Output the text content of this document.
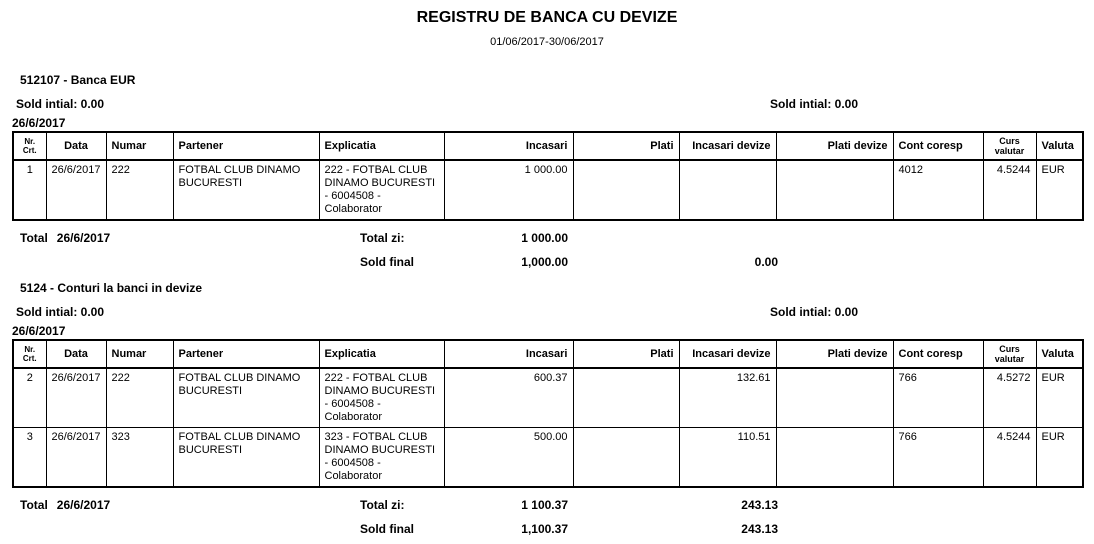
REGISTRU DE BANCA CU DEVIZE
01/06/2017-30/06/2017
512107 - Banca EUR
Sold intial: 0.00	Sold intial: 0.00
26/6/2017
Nr. Crt.	Data	Numar	Partener	Explicatia	Incasari	Plati	Incasari devize	Plati devize	Cont coresp	Curs valutar	Valuta
1	26/6/2017	222	FOTBAL CLUB DINAMO BUCURESTI	222 - FOTBAL CLUB DINAMO BUCURESTI - 6004508 - Colaborator	1 000.00				4012	4.5244	EUR
Total 26/6/2017	Total zi:	1 000.00
Sold final	1,000.00	0.00
5124 - Conturi la banci in devize
Sold intial: 0.00	Sold intial: 0.00
26/6/2017
Nr. Crt.	Data	Numar	Partener	Explicatia	Incasari	Plati	Incasari devize	Plati devize	Cont coresp	Curs valutar	Valuta
2	26/6/2017	222	FOTBAL CLUB DINAMO BUCURESTI	222 - FOTBAL CLUB DINAMO BUCURESTI - 6004508 - Colaborator	600.37		132.61		766	4.5272	EUR
3	26/6/2017	323	FOTBAL CLUB DINAMO BUCURESTI	323 - FOTBAL CLUB DINAMO BUCURESTI - 6004508 - Colaborator	500.00		110.51		766	4.5244	EUR
Total 26/6/2017	Total zi:	1 100.37	243.13
Sold final	1,100.37	243.13
